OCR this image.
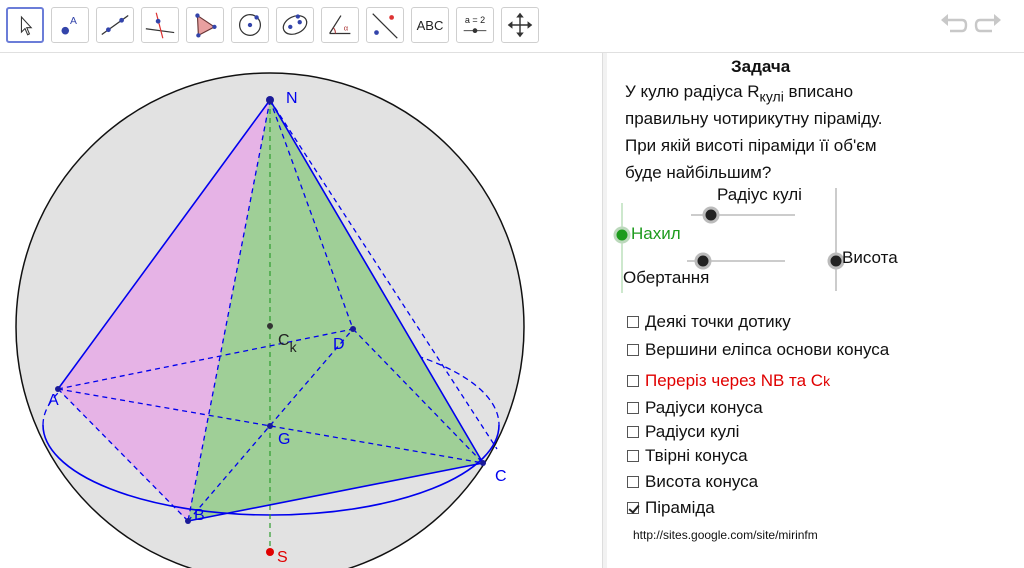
A
α	ABC	a = 2
N
A
B
C
D
G
S
Ck
Задача
У кулю радіуса $R_{кулі}$ вписано
правильну чотирикутну піраміду.
При якій висоті піраміди її об'єм
буде найбільшим?
Радіус кулі
Нахил
Обертання
Висота
Деякі точки дотику
Вершини еліпса основи конуса
Переріз через NB та C k
Радіуси конуса
Радіуси кулі
Твірні конуса
Висота конуса
Піраміда
http://sites.google.com/site/mirinfm
